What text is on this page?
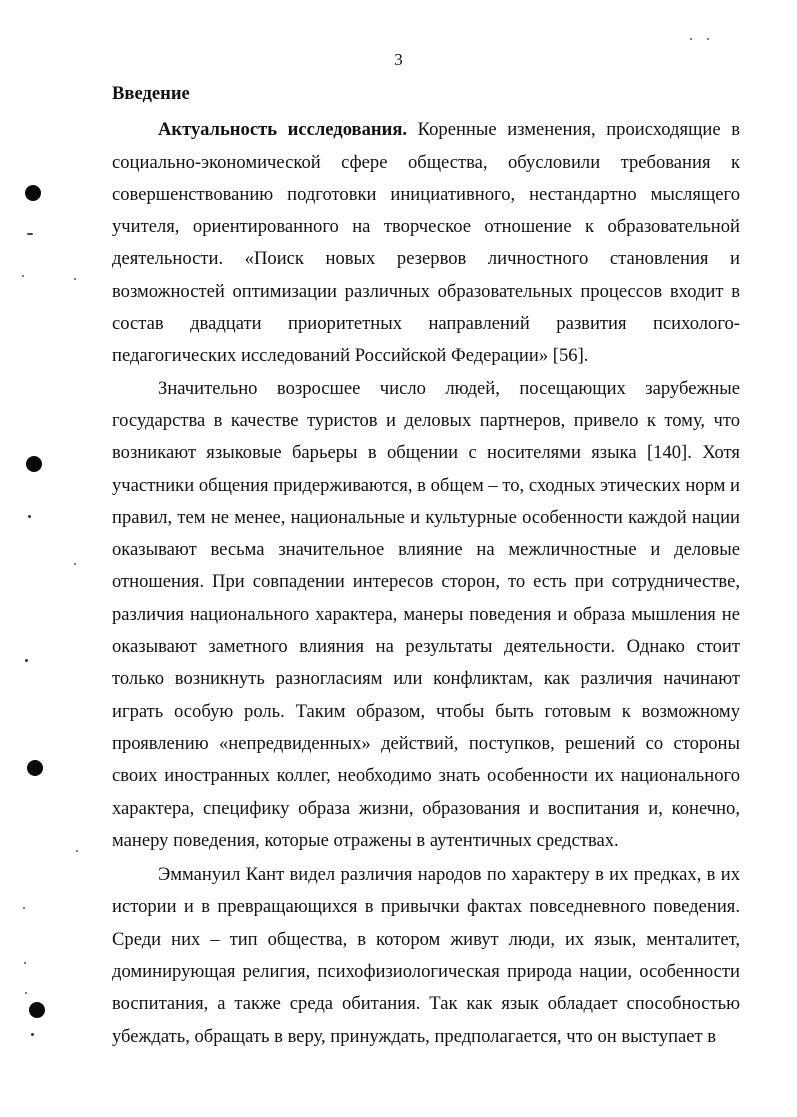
3

Введение

Актуальность исследования. Коренные изменения, происходящие в социально-экономической сфере общества, обусловили требования к совершенствованию подготовки инициативного, нестандартно мыслящего учителя, ориентированного на творческое отношение к образовательной деятельности. «Поиск новых резервов личностного становления и возможностей оптимизации различных образовательных процессов входит в состав двадцати приоритетных направлений развития психолого-педагогических исследований Российской Федерации» [56].

Значительно возросшее число людей, посещающих зарубежные государства в качестве туристов и деловых партнеров, привело к тому, что возникают языковые барьеры в общении с носителями языка [140]. Хотя участники общения придерживаются, в общем – то, сходных этических норм и правил, тем не менее, национальные и культурные особенности каждой нации оказывают весьма значительное влияние на межличностные и деловые отношения. При совпадении интересов сторон, то есть при сотрудничестве, различия национального характера, манеры поведения и образа мышления не оказывают заметного влияния на результаты деятельности. Однако стоит только возникнуть разногласиям или конфликтам, как различия начинают играть особую роль. Таким образом, чтобы быть готовым к возможному проявлению «непредвиденных» действий, поступков, решений со стороны своих иностранных коллег, необходимо знать особенности их национального характера, специфику образа жизни, образования и воспитания и, конечно, манеру поведения, которые отражены в аутентичных средствах.

Эммануил Кант видел различия народов по характеру в их предках, в их истории и в превращающихся в привычки фактах повседневного поведения. Среди них – тип общества, в котором живут люди, их язык, менталитет, доминирующая религия, психофизиологическая природа нации, особенности воспитания, а также среда обитания. Так как язык обладает способностью убеждать, обращать в веру, принуждать, предполагается, что он выступает в
